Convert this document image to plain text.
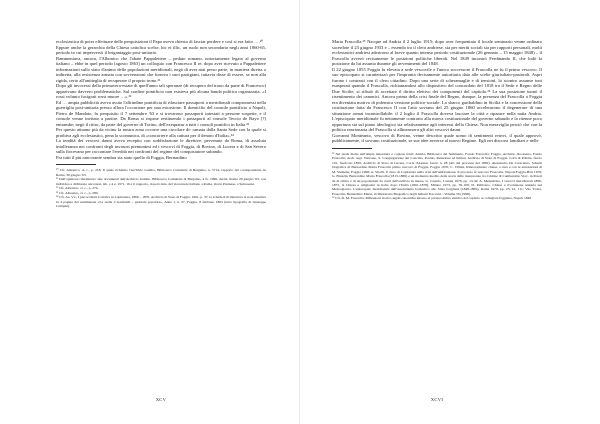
ecclesiastica di poter effettuare delle perquisizioni il Papa aveva chiesto di lasciar perdere e così si era fatto ….²⁰

Eppure anche la gerarchia della Chiesa cattolica scelse, hic et illic, un ruolo non secondario negli anni 1860-65, periodo in cui imperversò il brigantaggio post-unitario.

Rammentava, ancora, l'Albonico che l'abate Pappalettere – pedato romano, notoriamente legato al governo italiano – ebbe in quel periodo [agosto 1863] un colloquio con Francesco II re, dopo aver ricevuto a Pappalettere informazioni sullo stato d'animo delle popolazioni meridionali, negò di aver mai preso parte, in maniera diretta o indiretta, alla resistenza armata con sovvenzioni che forniva i suoi partigiani, tuttavia disse di essere, se non alla rigida, certo all'antiteglia di recuperare il proprio trono.²¹

Dopo gli invocessi della primavera-estate di quell'anno tali speranze (di recupero del trono da parte di Francesco) apparivano davvero problematiche. Sul confine pontificio non esisteva più alcuna banda politica organizzata. «I rossi volunto fucigrati rossi muore …».²²

Ed … ampia pubblicità aveva avuto l'allrindine pontificia di rilasciare passaporti a meridionali compromessi nella guerriglia post-unitaria presso allora l'occasione per una estorsione. Il domicilio del console pontificio a Napoli, Pietro de Mandato, fu perquisito il 7 settembre '63 e si trovarono passaporti intestati a persone sospette, e il console venne invitato a partire. Da Roma si rispose restituendo i passaporti al console Teccio de Rayo [?] entrambe; negò il ritiro, da parte del governo di Torino, dell'exequatur a tutti i consoli pontifici in Italia.²³

Per questo attuano più da vicino la nostra zona occorre una circolare di- ramata dalla Santa Sede con la quale si proibiva agli ecclesiastici, pena la scomunica, di «concorrere alla cattura per il denaro d'Italia».²⁴

La tendità dei vescovi dauni aveva recepito con soddisfazione le direttive, pervenute da Roma, di assoluta intolleranza nei confronti degli invasori piemontesi ed i vescovi di Foggia, di Bovino, di Lucera e di San Severo sulla fiocevano per raccontare l'eredità nei confronti del regime del conquistatore subando.

Fra tutti il più rancorante sembra sia stato quello di Foggia, Bernardino

²⁰ Cfr. Albonico, ci. c., p. 218; Il quale richiama l'Archivio Gambo, Biblioteca Comunale di Bergamo, n. 5714, rapporto del corrispondente da Roma, 30 giugno '63.

²¹ Dell'opinione riferimento: due documenti dell'Archivio Gambo, Biblioteca Comunale di Bergamo, 4 fs. 1996, decisi. Roma 29 giugno '63, con individuo a dichiarato ancorarsi, lab. c.4 e. 1971, 16 e il rapporto, in però data, del viaconsole italiano a Roma, Oscar Pasinese, a Spinosenz.

²² Cfr. Albonico, ci. c., p. 274.

²³ Cfr. Albonico, ci. c., p. 280.

²⁴ Cfr. Aa. Vv., I parrocchiali Cattolici in Capitanata, 1860 – 1870, Archivio di Stato di Foggia, 1961, p. 37; la scheda 616 illustrava la nota ansutiva in 4 pagina del settimanale «La stella d Garibaldi – giornale popolare», Anno I, n. 37, Foggia, 8 febbraio 1863 (tutta tipografia di Giuseppe Campitè).

XCV

Maria Frascolla.²⁵ Nacque ad Andria il 2 luglio 1915; dopo aver frequentato il locale seminario venne ordinato sacerdote il 23 giugno 1933 e – essendo tra il clero andriese, sia per meriti sociali sia per rapporti personali, molti ecclesiastici andriesi aderirono al breve quanto intenso periodo costituzionale (26 gennaio – 15 maggio 1848) – il Frascolla avverò recisamente le posizioni politiche liberali. Nel 1849 incontrò Ferdinando II, che lodò la posizione da lui assunta durante gli avvenimenti del 1848.

Il 22 giugno 1855 Foggia fu elevata a sede vescovile e l'unico successore il Frascolla ne fu il primo vescovo. Il suo episcopato si caratterizzò per l'impronta decisamente autoritaria data alle scelte giurisdizio-pastorali. Aspri furono i contrasti con il clero cittadino. Dopo una serie di scheramaglie e di tensioni, lo scontro assunse toni esasperati quando il Frascolla, richiamandosi allo dispositivo del concordato del 1818 tra il Sede e Regno delle Due Sicilie, si rifiutò di accettare il diritto elettivo dei componenti del capitolo.²⁶ La sua posizione tuonò il risentimento dei canonici. Ancora prima della crisi finale del Regno, dunque, la presenza del Frascolla a Foggia era diventata motivo di polemica versione politico-sociale. Lo sbarco garibaldino in Sicilia e la concessione della costituzione fatta da Francesco II con l'atto sovrano del 25 giugno 1860 accelerarono il degenerare di una situazione ormai incontrollabile: il 2 luglio il Frascolla doveva lasciare la città e riparare nella natìa Andria. L'episcopato meridionale fu nettamente contrario alla nuova costituzionale del governo sabaudo e la ritenne poco opportuna sia sul piano ideologico sia relativamente agli interessi della Chiesa. Non meraviglia perciò che con la politica reazionaria del Frascolla si allineassero gli altri vescovi dauni.

Giovanni Monteanto, vescovo di Bovino, venne descritto quale uomo di sentimenti retrivi, il quale approvò, pubblicamente, il sovrano costituzionale, se sue idee avverse al nuovo Regime. Egli nei discorsi familiari e nelle

²⁵ Sul quale molte nell'ampia letteratura e copiose fonti: Andria, Biblioteca del Seminario, Fondo Frascolla; Foggia, Archivio diocesano, Fondo Frascolla; Arch. segr. Vaticano, S. Congregazione del Concilio, Positio, Relazione ad limina; Archivio di Stato di Foggia, Corti di Polizia, fascio 191, fascicolo 1856, Archivio di Stato di Lucera, Corte d'Assise; fascio n. 28 (atti del processo del 1862). Alessandro De Crescenzo, Scheda biografica di Bernardino Maria Frascolla primo vescovo di Foggia, Foggia 1970; C. Villani, Rinnovamento chiesa, a cura e con le annotazioni di M. Siemens, Foggia 1968; A. Vitelli, Il clero di Capitanata nella crisi dell'unificazione. Il processo al vescovo Frascolla, Napoli-Foggia-Bari 1979; G. Bruschi, Bernardino Maria Frascolla (1813-1869) e un momento inedito della storia delle interpretate tra Cristine di Cambezabio Vecc. in Poteri da di amico e di un popolazioni da conti dell'archivio in massa, G. Castelo, I sanna 1976, pp. 13-42; A. Menestrina, I vescovi meridionali 1860-1875, la Chiesa e religiosità in Italia dopo l'Unità (1861-1878), Milano 1973, pp. 59-109; D. Pellicano, Chiesa e rivoluzione unitaria nel Mezzogiorno. L'episcopato meridionale dall'assolutismo borbonico allo Stato borghese (1848-1865), Roma 1979, pp. 25, 91, 111; Vito Trotta, Frascolla, Bernardino Maria, in Dizionario Biografico degli Italiani Treccani – Volume 50 (1998).

²⁶ Cfr. D. M. Frascolla, Riflessioni storico-legali canoniche intorno al preteso diritto elettivo del capitolo re collegiata foggiana, Napoli 1846

XCVI
